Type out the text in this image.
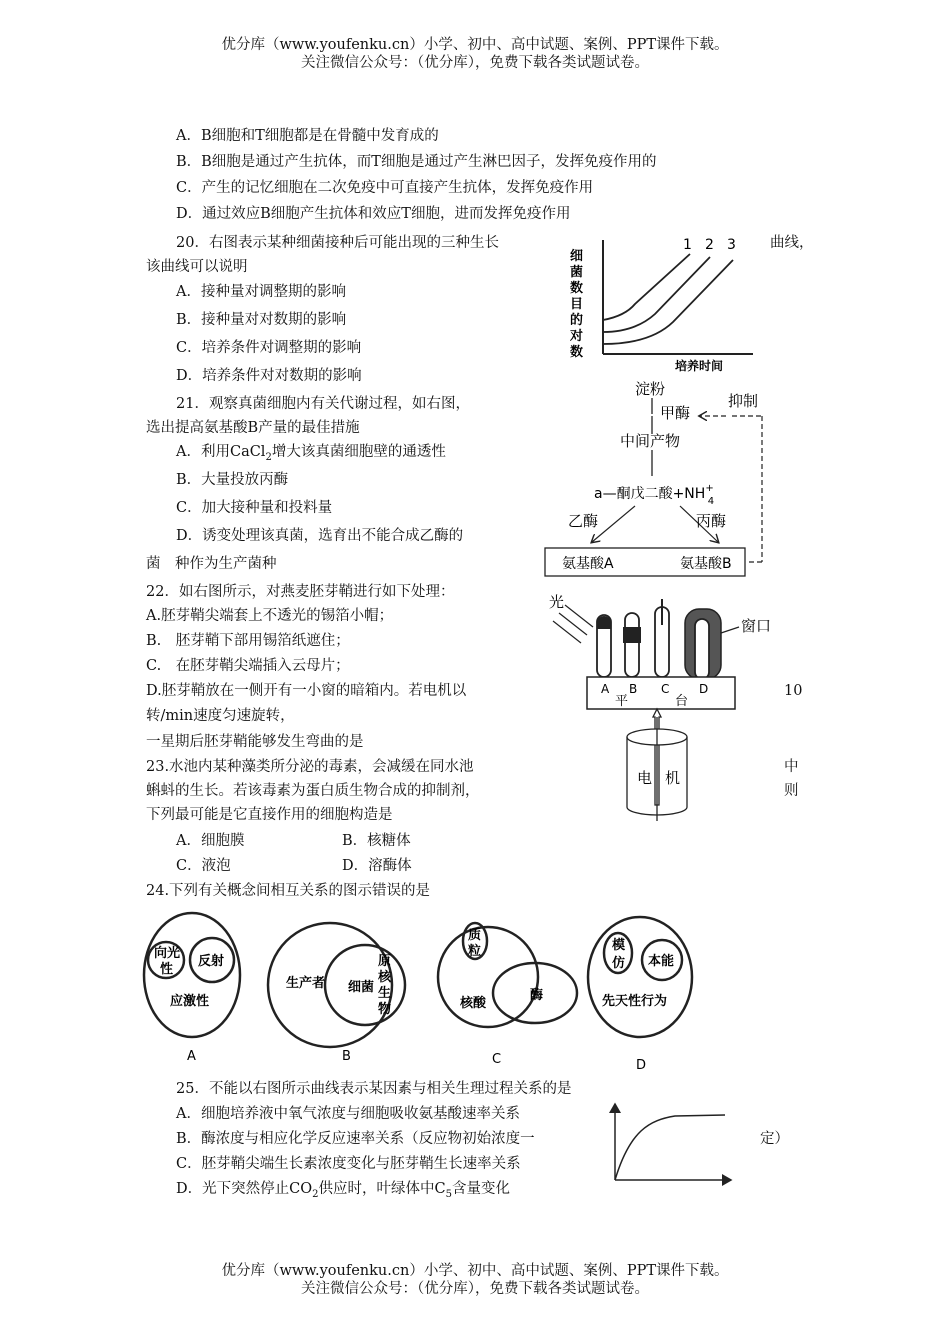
优分库（www.youfenku.cn）小学、初中、高中试题、案例、PPT课件下载。
关注微信公众号：（优分库），免费下载各类试题试卷。
A．B细胞和T细胞都是在骨髓中发育成的
B．B细胞是通过产生抗体，而T细胞是通过产生淋巴因子，发挥免疫作用的
C．产生的记忆细胞在二次免疫中可直接产生抗体，发挥免疫作用
D．通过效应B细胞产生抗体和效应T细胞，进而发挥免疫作用
20．右图表示某种细菌接种后可能出现的三种生长	曲线，
该曲线可以说明
A．接种量对调整期的影响
B．接种量对对数期的影响
C．培养条件对调整期的影响
D．培养条件对对数期的影响
细
菌
数
目
的
对
数
1 2 3
培养时间
21．观察真菌细胞内有关代谢过程，如右图，
选出提高氨基酸B产量的最佳措施
A．利用CaCl$_2$增大该真菌细胞壁的通透性
B．大量投放丙酶
C．加大接种量和投料量
D．诱变处理该真菌，选育出不能合成乙酶的
菌　种作为生产菌种
淀粉
甲酶
抑制
中间产物
a—酮戊二酸+NH+ 4
乙酶	丙酶
氨基酸A	氨基酸B
22．如右图所示，对燕麦胚芽鞘进行如下处理：
A.胚芽鞘尖端套上不透光的锡箔小帽；
B.　胚芽鞘下部用锡箔纸遮住；
C.　在胚芽鞘尖端插入云母片；
D.胚芽鞘放在一侧开有一小窗的暗箱内。若电机以	10
转/min速度匀速旋转，
一星期后胚芽鞘能够发生弯曲的是
光
窗口
A B C D
平	台
电 机
23.水池内某种藻类所分泌的毒素，会减缓在同水池	中
蝌蚪的生长。若该毒素为蛋白质生物合成的抑制剂，	则
下列最可能是它直接作用的细胞构造是
A．细胞膜	B．核糖体
C．液泡	D．溶酶体
24.下列有关概念间相互关系的图示错误的是
向光
性
反射
应激性
生产者 细菌
原
核
生
物
质
粒
核酸
酶
模
仿 本能
先天性行为
A	B	C	D
25．不能以右图所示曲线表示某因素与相关生理过程关系的是
A．细胞培养液中氧气浓度与细胞吸收氨基酸速率关系
B．酶浓度与相应化学反应速率关系（反应物初始浓度一	定）
C．胚芽鞘尖端生长素浓度变化与胚芽鞘生长速率关系
D．光下突然停止$CO_2$供应时，叶绿体中$C_5$含量变化
优分库（www.youfenku.cn）小学、初中、高中试题、案例、PPT课件下载。
关注微信公众号：（优分库），免费下载各类试题试卷。
